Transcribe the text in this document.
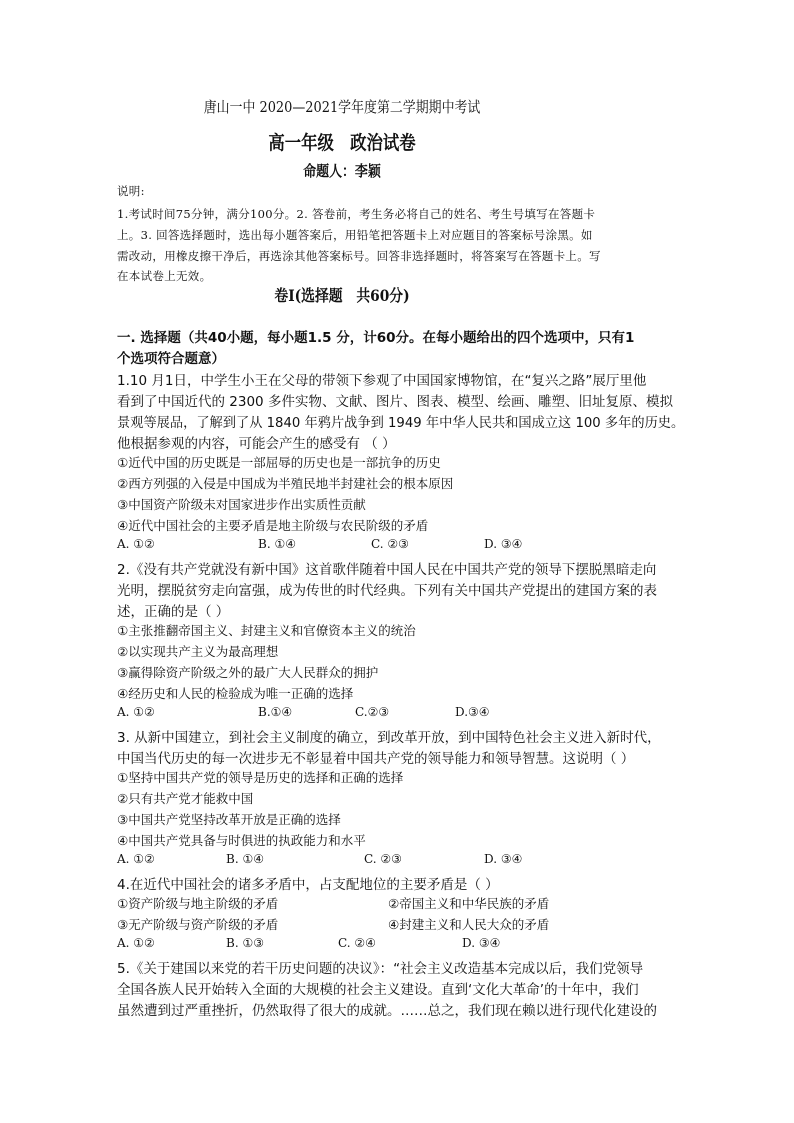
唐山一中 2020—2021学年度第二学期期中考试
高一年级　政治试卷
命题人：李颖
说明:
1.考试时间75分钟，满分100分。2. 答卷前，考生务必将自己的姓名、考生号填写在答题卡
上。3. 回答选择题时，选出每小题答案后，用铅笔把答题卡上对应题目的答案标号涂黑。如
需改动，用橡皮擦干净后，再选涂其他答案标号。回答非选择题时，将答案写在答题卡上。写
在本试卷上无效。
卷Ⅰ(选择题　共60分)
一. 选择题（共40小题，每小题1.5 分，计60分。在每小题给出的四个选项中，只有1
个选项符合题意）
1.10 月1日，中学生小王在父母的带领下参观了中国国家博物馆，在“复兴之路”展厅里他
看到了中国近代的 2300 多件实物、文献、图片、图表、模型、绘画、雕塑、旧址复原、模拟
景观等展品，了解到了从 1840 年鸦片战争到 1949 年中华人民共和国成立这 100 多年的历史。
他根据参观的内容，可能会产生的感受有 （ ）
①近代中国的历史既是一部屈辱的历史也是一部抗争的历史
②西方列强的入侵是中国成为半殖民地半封建社会的根本原因
③中国资产阶级未对国家进步作出实质性贡献
④近代中国社会的主要矛盾是地主阶级与农民阶级的矛盾
A. ①②	B. ①④	C. ②③	D. ③④
2.《没有共产党就没有新中国》这首歌伴随着中国人民在中国共产党的领导下摆脱黑暗走向
光明，摆脱贫穷走向富强，成为传世的时代经典。下列有关中国共产党提出的建国方案的表
述，正确的是（ ）
①主张推翻帝国主义、封建主义和官僚资本主义的统治
②以实现共产主义为最高理想
③赢得除资产阶级之外的最广大人民群众的拥护
④经历史和人民的检验成为唯一正确的选择
A. ①②	B.①④	C.②③	D.③④
3. 从新中国建立，到社会主义制度的确立，到改革开放，到中国特色社会主义进入新时代，
中国当代历史的每一次进步无不彰显着中国共产党的领导能力和领导智慧。这说明（ ）
①坚持中国共产党的领导是历史的选择和正确的选择
②只有共产党才能救中国
③中国共产党坚持改革开放是正确的选择
④中国共产党具备与时俱进的执政能力和水平
A. ①②	B. ①④	C. ②③	D. ③④
4.在近代中国社会的诸多矛盾中，占支配地位的主要矛盾是（ ）
①资产阶级与地主阶级的矛盾	②帝国主义和中华民族的矛盾
③无产阶级与资产阶级的矛盾	④封建主义和人民大众的矛盾
A. ①②	B. ①③	C. ②④	D. ③④
5.《关于建国以来党的若干历史问题的决议》：“社会主义改造基本完成以后，我们党领导
全国各族人民开始转入全面的大规模的社会主义建设。直到‘文化大革命’的十年中，我们
虽然遭到过严重挫折，仍然取得了很大的成就。……总之，我们现在赖以进行现代化建设的
